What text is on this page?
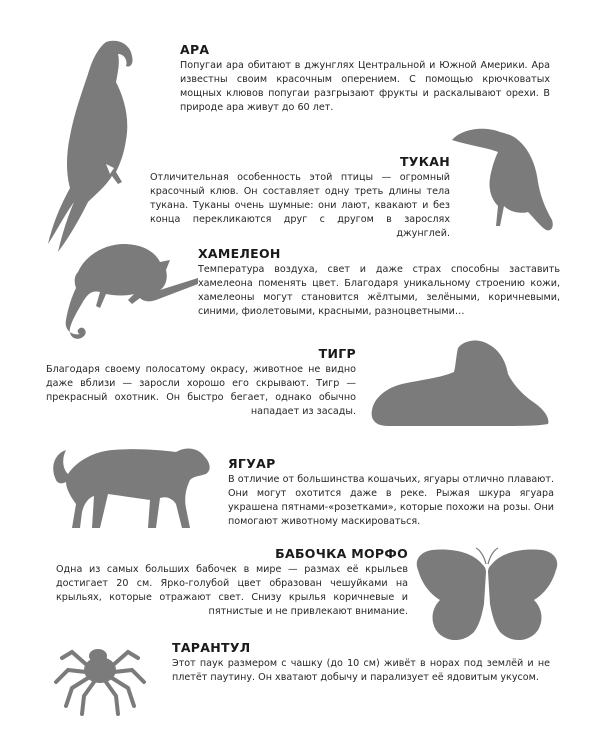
АРА

Попугаи ара обитают в джунглях Центральной и Южной Америки. Ара известны своим красочным оперением. С помощью крючковатых мощных клювов попугаи разгрызают фрукты и раскалывают орехи. В природе ара живут до 60 лет.

ТУКАН

Отличительная особенность этой птицы — огромный красочный клюв. Он составляет одну треть длины тела тукана. Туканы очень шумные: они лают, квакают и без конца перекликаются друг с другом в зарослях джунглей.

ХАМЕЛЕОН

Температура воздуха, свет и даже страх способны заставить хамелеона поменять цвет. Благодаря уникальному строению кожи, хамелеоны могут становится жёлтыми, зелёными, коричневыми, синими, фиолетовыми, красными, разноцветными…

ТИГР

Благодаря своему полосатому окрасу, животное не видно даже вблизи — заросли хорошо его скрывают. Тигр — прекрасный охотник. Он быстро бегает, однако обычно нападает из засады.

ЯГУАР

В отличие от большинства кошачьих, ягуары отлично плавают. Они могут охотится даже в реке. Рыжая шкура ягуара украшена пятнами-«розетками», которые похожи на розы. Они помогают животному маскироваться.

БАБОЧКА МОРФО

Одна из самых больших бабочек в мире — размах её крыльев достигает 20 см. Ярко-голубой цвет образован чешуйками на крыльях, которые отражают свет. Снизу крылья коричневые и пятнистые и не привлекают внимание.

ТАРАНТУЛ

Этот паук размером с чашку (до 10 см) живёт в норах под землёй и не плетёт паутину. Он хватают добычу и парализует её ядовитым укусом.
